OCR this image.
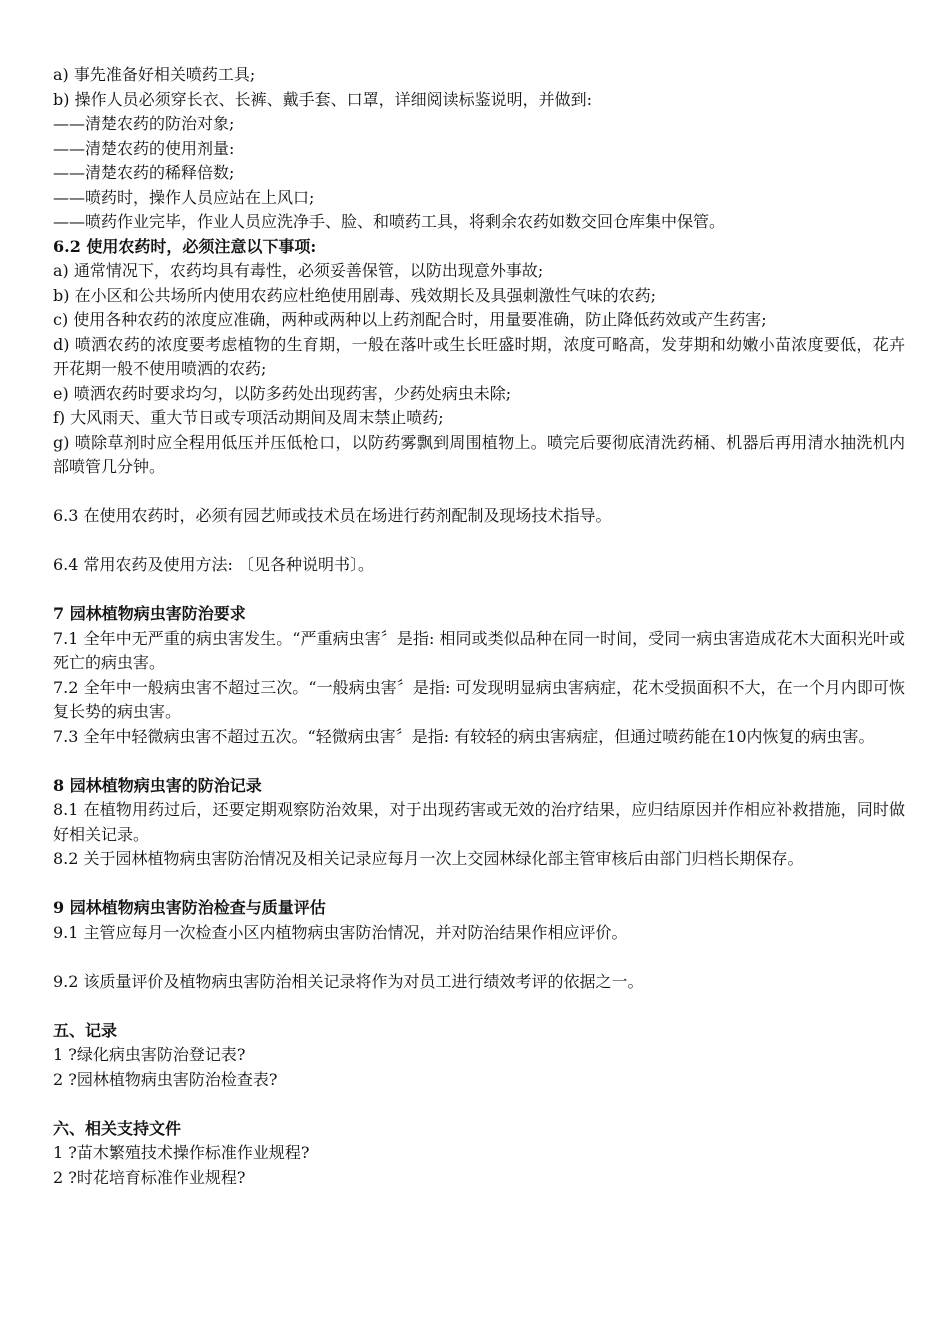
a) 事先准备好相关喷药工具;
b) 操作人员必须穿长衣、长裤、戴手套、口罩，详细阅读标鉴说明，并做到:
——清楚农药的防治对象;
——清楚农药的使用剂量:
——清楚农药的稀释倍数;
——喷药时，操作人员应站在上风口;
——喷药作业完毕，作业人员应洗净手、脸、和喷药工具，将剩余农药如数交回仓库集中保管。
6.2 使用农药时，必须注意以下事项:
a) 通常情况下，农药均具有毒性，必须妥善保管，以防出现意外事故;
b) 在小区和公共场所内使用农药应杜绝使用剧毒、残效期长及具强刺激性气味的农药;
c) 使用各种农药的浓度应准确，两种或两种以上药剂配合时，用量要准确，防止降低药效或产生药害;
d) 喷洒农药的浓度要考虑植物的生育期，一般在落叶或生长旺盛时期，浓度可略高，发芽期和幼嫩小苗浓度要低，花卉开花期一般不使用喷洒的农药;
e) 喷洒农药时要求均匀，以防多药处出现药害，少药处病虫未除;
f) 大风雨天、重大节日或专项活动期间及周末禁止喷药;
g) 喷除草剂时应全程用低压并压低枪口，以防药雾飘到周围植物上。喷完后要彻底清洗药桶、机器后再用清水抽洗机内部喷管几分钟。
6.3 在使用农药时，必须有园艺师或技术员在场进行药剂配制及现场技术指导。
6.4 常用农药及使用方法: 〔见各种说明书〕。
7 园林植物病虫害防治要求
7.1 全年中无严重的病虫害发生。“严重病虫害〞是指: 相同或类似品种在同一时间，受同一病虫害造成花木大面积光叶或死亡的病虫害。
7.2 全年中一般病虫害不超过三次。“一般病虫害〞是指: 可发现明显病虫害病症，花木受损面积不大，在一个月内即可恢复长势的病虫害。
7.3 全年中轻微病虫害不超过五次。“轻微病虫害〞是指: 有较轻的病虫害病症，但通过喷药能在10内恢复的病虫害。
8 园林植物病虫害的防治记录
8.1 在植物用药过后，还要定期观察防治效果，对于出现药害或无效的治疗结果，应归结原因并作相应补救措施，同时做好相关记录。
8.2 关于园林植物病虫害防治情况及相关记录应每月一次上交园林绿化部主管审核后由部门归档长期保存。
9 园林植物病虫害防治检查与质量评估
9.1 主管应每月一次检查小区内植物病虫害防治情况，并对防治结果作相应评价。
9.2 该质量评价及植物病虫害防治相关记录将作为对员工进行绩效考评的依据之一。
五、记录
1 ?绿化病虫害防治登记表?
2 ?园林植物病虫害防治检查表?
六、相关支持文件
1 ?苗木繁殖技术操作标准作业规程?
2 ?时花培育标准作业规程?
